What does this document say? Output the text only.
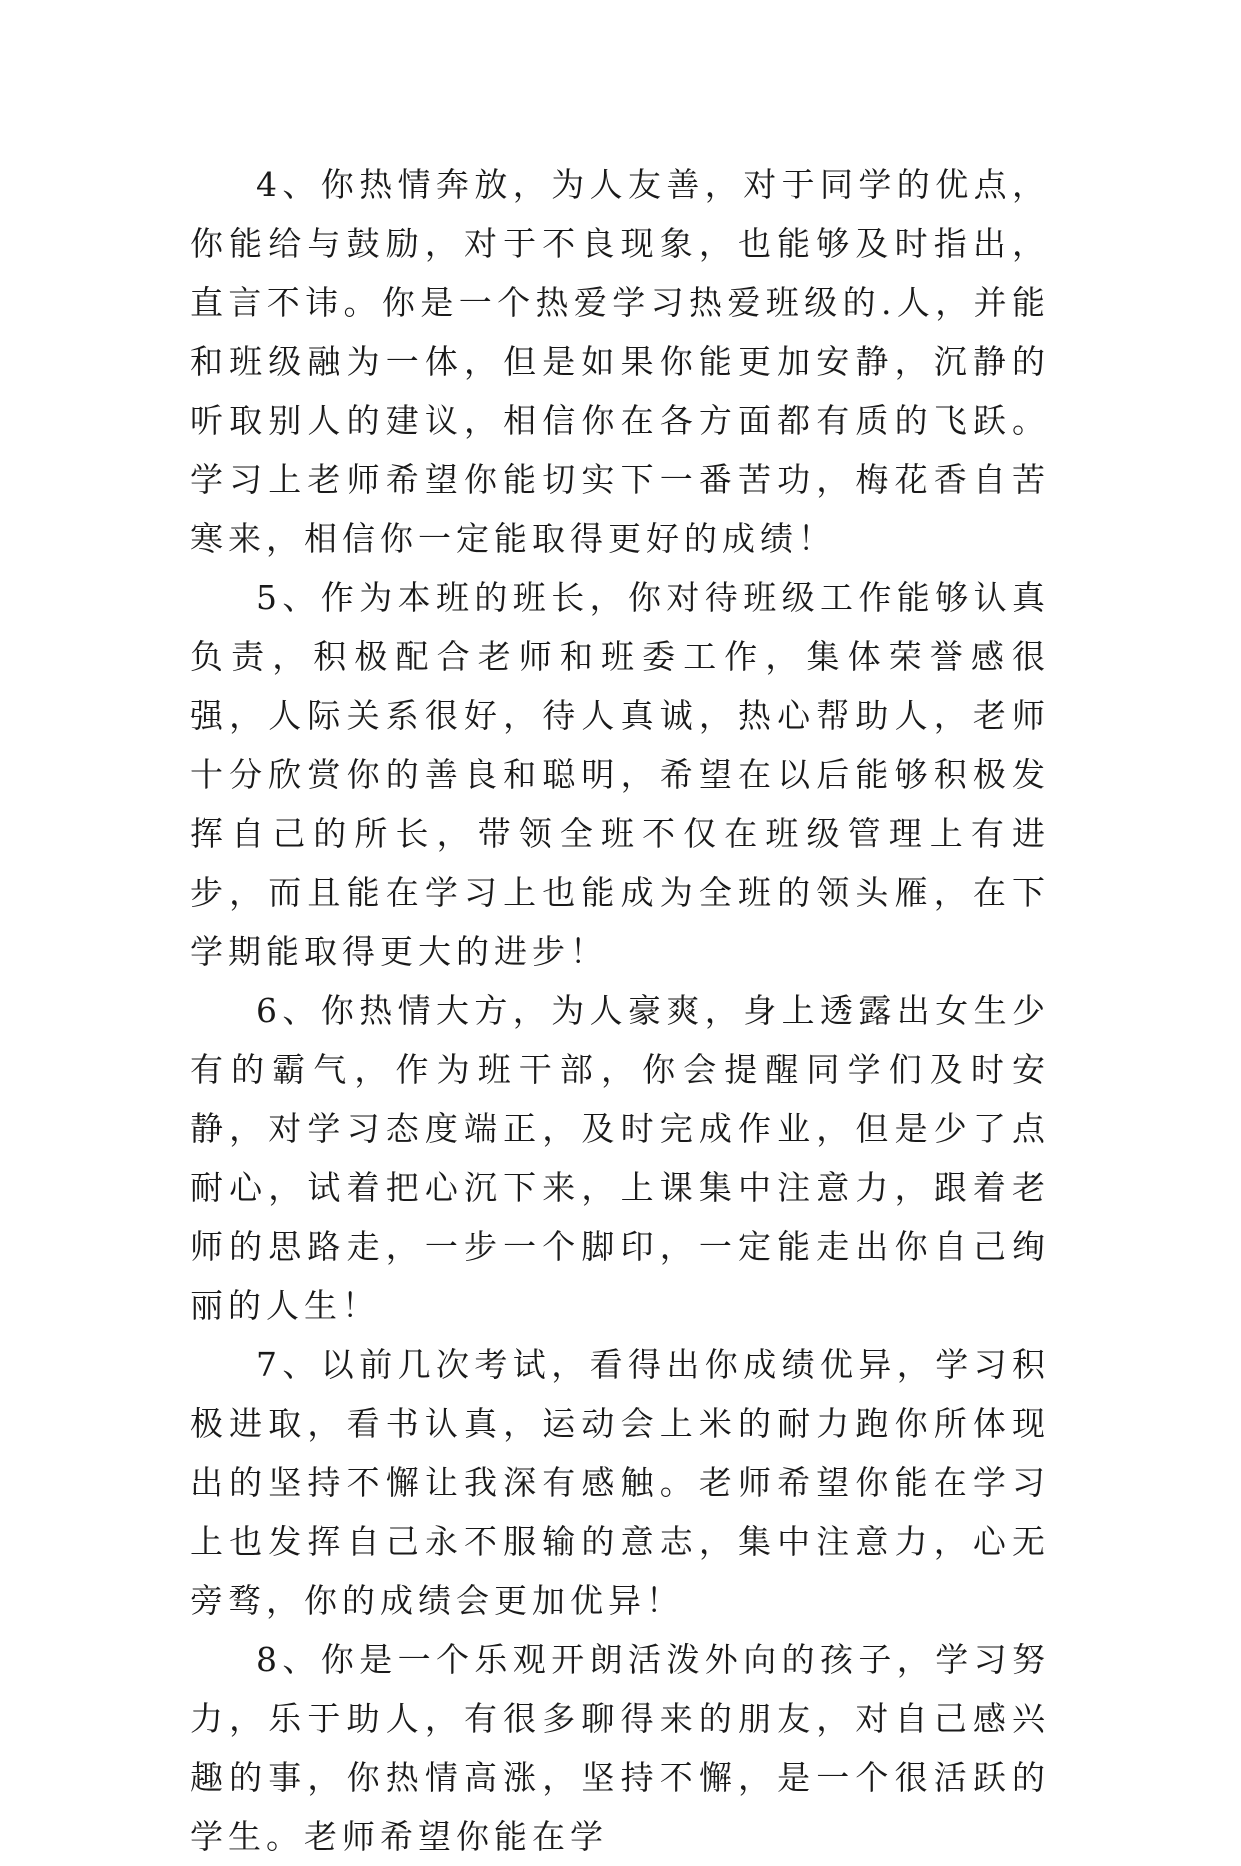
4、你热情奔放，为人友善，对于同学的优点，你能给与鼓励，对于不良现象，也能够及时指出，直言不讳。你是一个热爱学习热爱班级的.人，并能和班级融为一体，但是如果你能更加安静，沉静的听取别人的建议，相信你在各方面都有质的飞跃。学习上老师希望你能切实下一番苦功，梅花香自苦寒来，相信你一定能取得更好的成绩！

5、作为本班的班长，你对待班级工作能够认真负责，积极配合老师和班委工作，集体荣誉感很强，人际关系很好，待人真诚，热心帮助人，老师十分欣赏你的善良和聪明，希望在以后能够积极发挥自己的所长，带领全班不仅在班级管理上有进步，而且能在学习上也能成为全班的领头雁，在下学期能取得更大的进步！

6、你热情大方，为人豪爽，身上透露出女生少有的霸气，作为班干部，你会提醒同学们及时安静，对学习态度端正，及时完成作业，但是少了点耐心，试着把心沉下来，上课集中注意力，跟着老师的思路走，一步一个脚印，一定能走出你自己绚丽的人生！

7、以前几次考试，看得出你成绩优异，学习积极进取，看书认真，运动会上米的耐力跑你所体现出的坚持不懈让我深有感触。老师希望你能在学习上也发挥自己永不服输的意志，集中注意力，心无旁骛，你的成绩会更加优异！

8、你是一个乐观开朗活泼外向的孩子，学习努力，乐于助人，有很多聊得来的朋友，对自己感兴趣的事，你热情高涨，坚持不懈，是一个很活跃的学生。老师希望你能在学
